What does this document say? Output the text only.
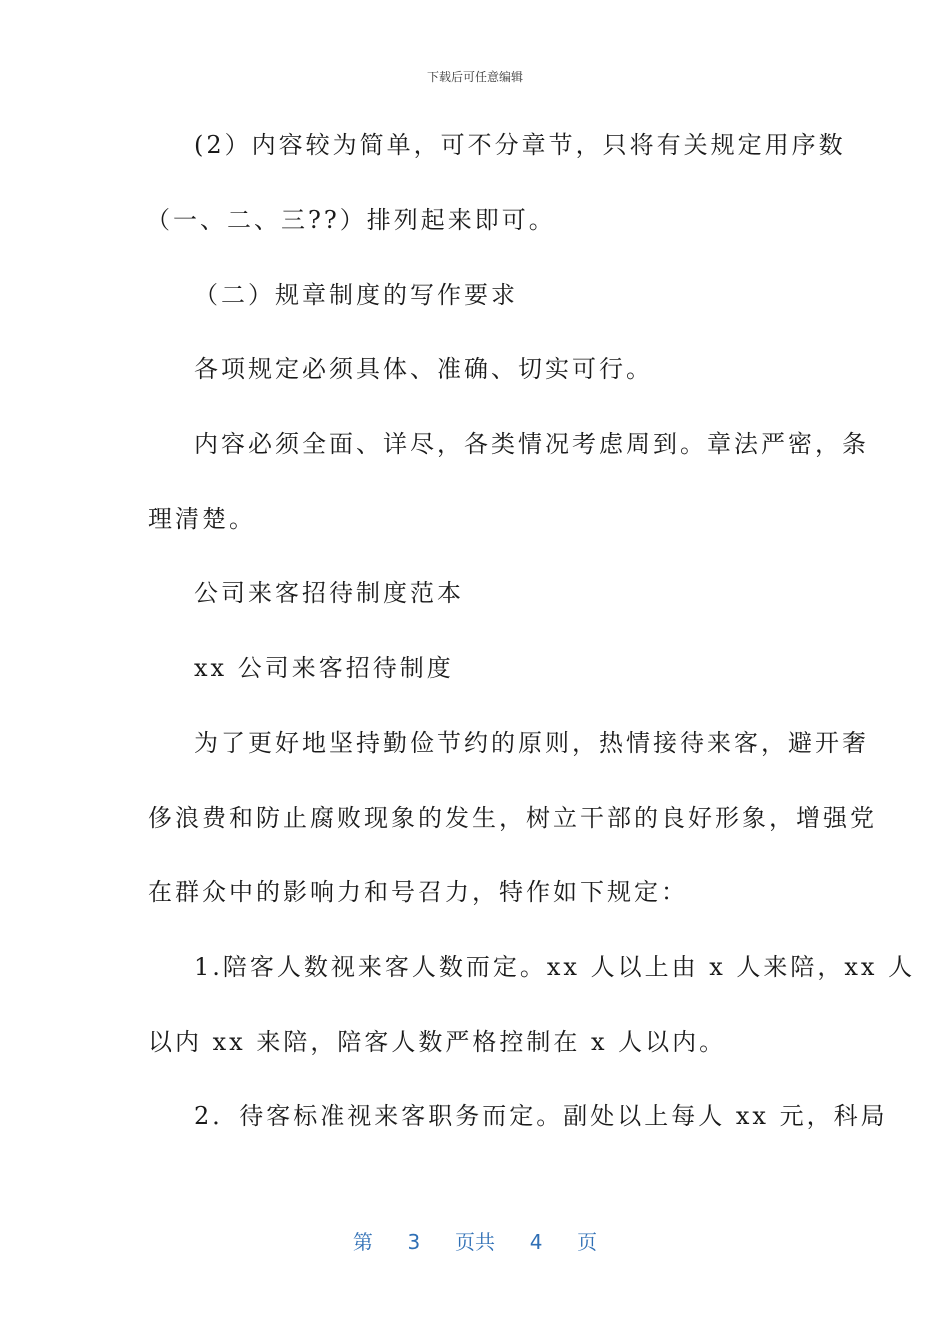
下载后可任意编辑
(2）内容较为简单，可不分章节，只将有关规定用序数
（一、二、三??）排列起来即可。
（二）规章制度的写作要求
各项规定必须具体、准确、切实可行。
内容必须全面、详尽，各类情况考虑周到。章法严密，条
理清楚。
公司来客招待制度范本
xx 公司来客招待制度
为了更好地坚持勤俭节约的原则，热情接待来客，避开奢
侈浪费和防止腐败现象的发生，树立干部的良好形象，增强党
在群众中的影响力和号召力，特作如下规定：
1.陪客人数视来客人数而定。xx 人以上由 x 人来陪，xx 人
以内 xx 来陪，陪客人数严格控制在 x 人以内。
2．待客标准视来客职务而定。副处以上每人 xx 元，科局
第 3 页共 4 页
